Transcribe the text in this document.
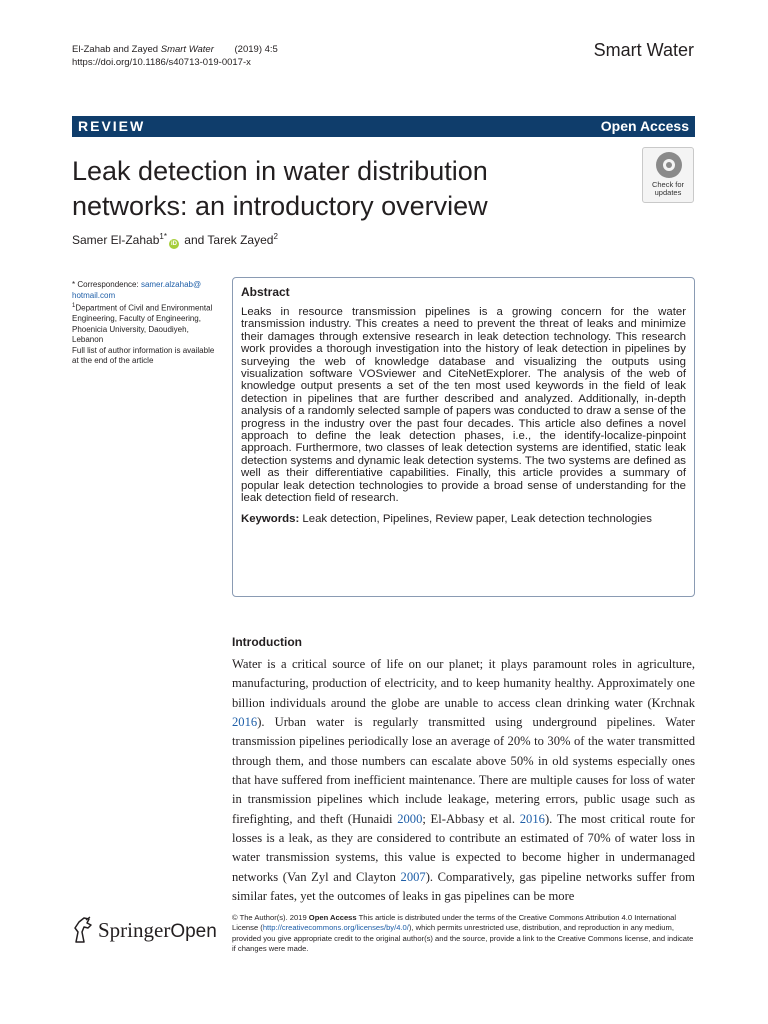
El-Zahab and Zayed Smart Water (2019) 4:5
https://doi.org/10.1186/s40713-019-0017-x
Smart Water
REVIEW	Open Access
Leak detection in water distribution networks: an introductory overview
Check for
updates
Samer El-Zahab$^{1*}$iD and Tarek Zayed$^2$

* Correspondence: samer.alzahab@
hotmail.com

$^1$Department of Civil and Environmental Engineering, Faculty of Engineering, Phoenicia University, Daoudiyeh, Lebanon

Full list of author information is available at the end of the article

Abstract
Leaks in resource transmission pipelines is a growing concern for the water transmission industry. This creates a need to prevent the threat of leaks and minimize their damages through extensive research in leak detection technology. This research work provides a thorough investigation into the history of leak detection in pipelines by surveying the web of knowledge database and visualizing the outputs using visualization software VOSviewer and CiteNetExplorer. The analysis of the web of knowledge output presents a set of the ten most used keywords in the field of leak detection in pipelines that are further described and analyzed. Additionally, in-depth analysis of a randomly selected sample of papers was conducted to draw a sense of the progress in the industry over the past four decades. This article also defines a novel approach to define the leak detection phases, i.e., the identify-localize-pinpoint approach. Furthermore, two classes of leak detection systems are identified, static leak detection systems and dynamic leak detection systems. The two systems are defined as well as their differentiative capabilities. Finally, this article provides a summary of popular leak detection technologies to provide a broad sense of understanding for the leak detection field of research.
Keywords: Leak detection, Pipelines, Review paper, Leak detection technologies
Introduction
Water is a critical source of life on our planet; it plays paramount roles in agriculture, manufacturing, production of electricity, and to keep humanity healthy. Approximately one billion individuals around the globe are unable to access clean drinking water (Krchnak 2016). Urban water is regularly transmitted using underground pipelines. Water transmission pipelines periodically lose an average of 20% to 30% of the water transmitted through them, and those numbers can escalate above 50% in old systems especially ones that have suffered from inefficient maintenance. There are multiple causes for loss of water in transmission pipelines which include leakage, metering errors, public usage such as firefighting, and theft (Hunaidi 2000; El-Abbasy et al. 2016). The most critical route for losses is a leak, as they are considered to contribute an estimated of 70% of water loss in water transmission systems, this value is expected to become higher in undermanaged networks (Van Zyl and Clayton 2007). Comparatively, gas pipeline networks suffer from similar fates, yet the outcomes of leaks in gas pipelines can be more
SpringerOpen
© The Author(s). 2019 Open Access This article is distributed under the terms of the Creative Commons Attribution 4.0 International License (http://creativecommons.org/licenses/by/4.0/), which permits unrestricted use, distribution, and reproduction in any medium, provided you give appropriate credit to the original author(s) and the source, provide a link to the Creative Commons license, and indicate if changes were made.
